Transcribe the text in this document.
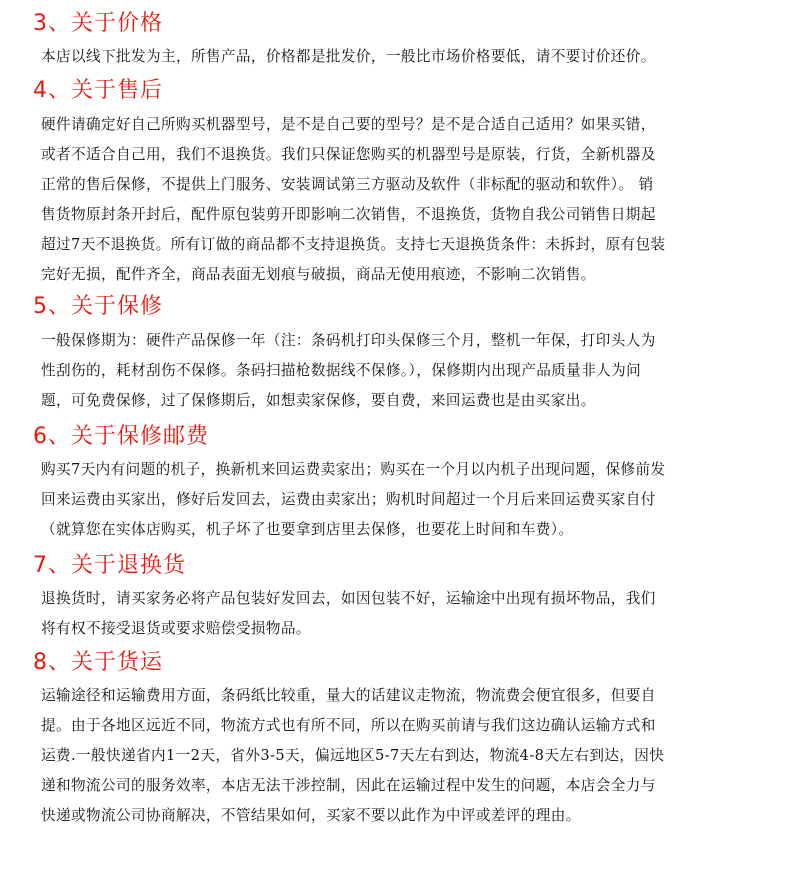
3、关于价格
本店以线下批发为主，所售产品，价格都是批发价，一般比市场价格要低，请不要讨价还价。
4、关于售后
硬件请确定好自己所购买机器型号，是不是自己要的型号？是不是合适自己适用？如果买错，
或者不适合自己用，我们不退换货。我们只保证您购买的机器型号是原装，行货，全新机器及
正常的售后保修，不提供上门服务、安装调试第三方驱动及软件（非标配的驱动和软件）。 销
售货物原封条开封后，配件原包装剪开即影响二次销售，不退换货，货物自我公司销售日期起
超过7天不退换货。所有订做的商品都不支持退换货。支持七天退换货条件：未拆封，原有包装
完好无损，配件齐全，商品表面无划痕与破损，商品无使用痕迹，不影响二次销售。
5、关于保修
一般保修期为：硬件产品保修一年（注：条码机打印头保修三个月，整机一年保，打印头人为
性刮伤的，耗材刮伤不保修。条码扫描枪数据线不保修。），保修期内出现产品质量非人为问
题，可免费保修，过了保修期后，如想卖家保修，要自费，来回运费也是由买家出。
6、关于保修邮费
购买7天内有问题的机子，换新机来回运费卖家出；购买在一个月以内机子出现问题，保修前发
回来运费由买家出，修好后发回去，运费由卖家出；购机时间超过一个月后来回运费买家自付
（就算您在实体店购买，机子坏了也要拿到店里去保修，也要花上时间和车费）。
7、关于退换货
退换货时，请买家务必将产品包装好发回去，如因包装不好，运输途中出现有损坏物品，我们
将有权不接受退货或要求赔偿受损物品。
8、关于货运
运输途径和运输费用方面，条码纸比较重，量大的话建议走物流，物流费会便宜很多，但要自
提。由于各地区远近不同，物流方式也有所不同，所以在购买前请与我们这边确认运输方式和
运费.一般快递省内1一2天，省外3-5天，偏远地区5-7天左右到达，物流4-8天左右到达，因快
递和物流公司的服务效率，本店无法干涉控制，因此在运输过程中发生的问题，本店会全力与
快递或物流公司协商解决，不管结果如何，买家不要以此作为中评或差评的理由。
